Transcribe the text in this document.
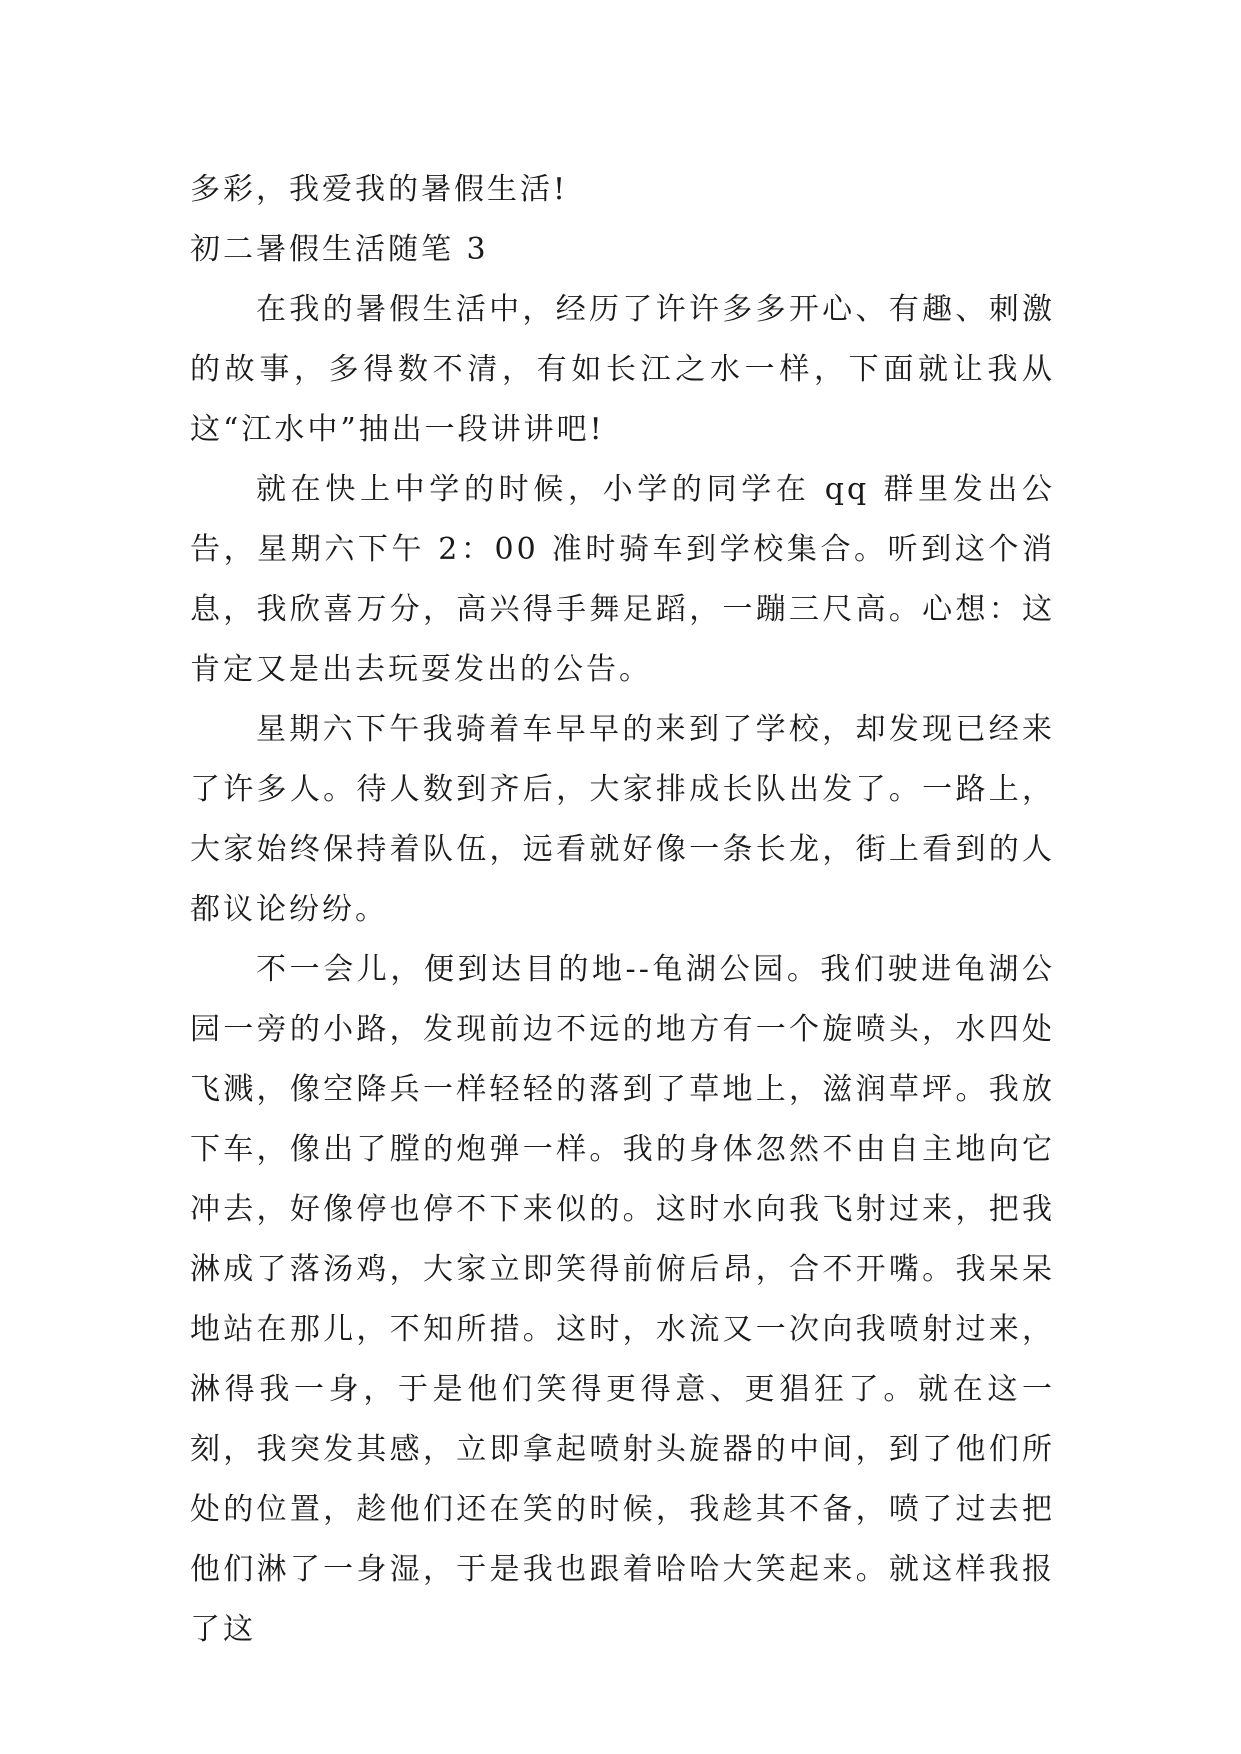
多彩，我爱我的暑假生活!

初二暑假生活随笔 3

在我的暑假生活中，经历了许许多多开心、有趣、刺激的故事，多得数不清，有如长江之水一样，下面就让我从这“江水中”抽出一段讲讲吧!

就在快上中学的时候，小学的同学在 qq 群里发出公告，星期六下午 2：00 准时骑车到学校集合。听到这个消息，我欣喜万分，高兴得手舞足蹈，一蹦三尺高。心想：这肯定又是出去玩耍发出的公告。

星期六下午我骑着车早早的来到了学校，却发现已经来了许多人。待人数到齐后，大家排成长队出发了。一路上，大家始终保持着队伍，远看就好像一条长龙，街上看到的人都议论纷纷。

不一会儿，便到达目的地--龟湖公园。我们驶进龟湖公园一旁的小路，发现前边不远的地方有一个旋喷头，水四处飞溅，像空降兵一样轻轻的落到了草地上，滋润草坪。我放下车，像出了膛的炮弹一样。我的身体忽然不由自主地向它冲去，好像停也停不下来似的。这时水向我飞射过来，把我淋成了落汤鸡，大家立即笑得前俯后昂，合不开嘴。我呆呆地站在那儿，不知所措。这时，水流又一次向我喷射过来，淋得我一身，于是他们笑得更得意、更猖狂了。就在这一刻，我突发其感，立即拿起喷射头旋器的中间，到了他们所处的位置，趁他们还在笑的时候，我趁其不备，喷了过去把他们淋了一身湿，于是我也跟着哈哈大笑起来。就这样我报了这
